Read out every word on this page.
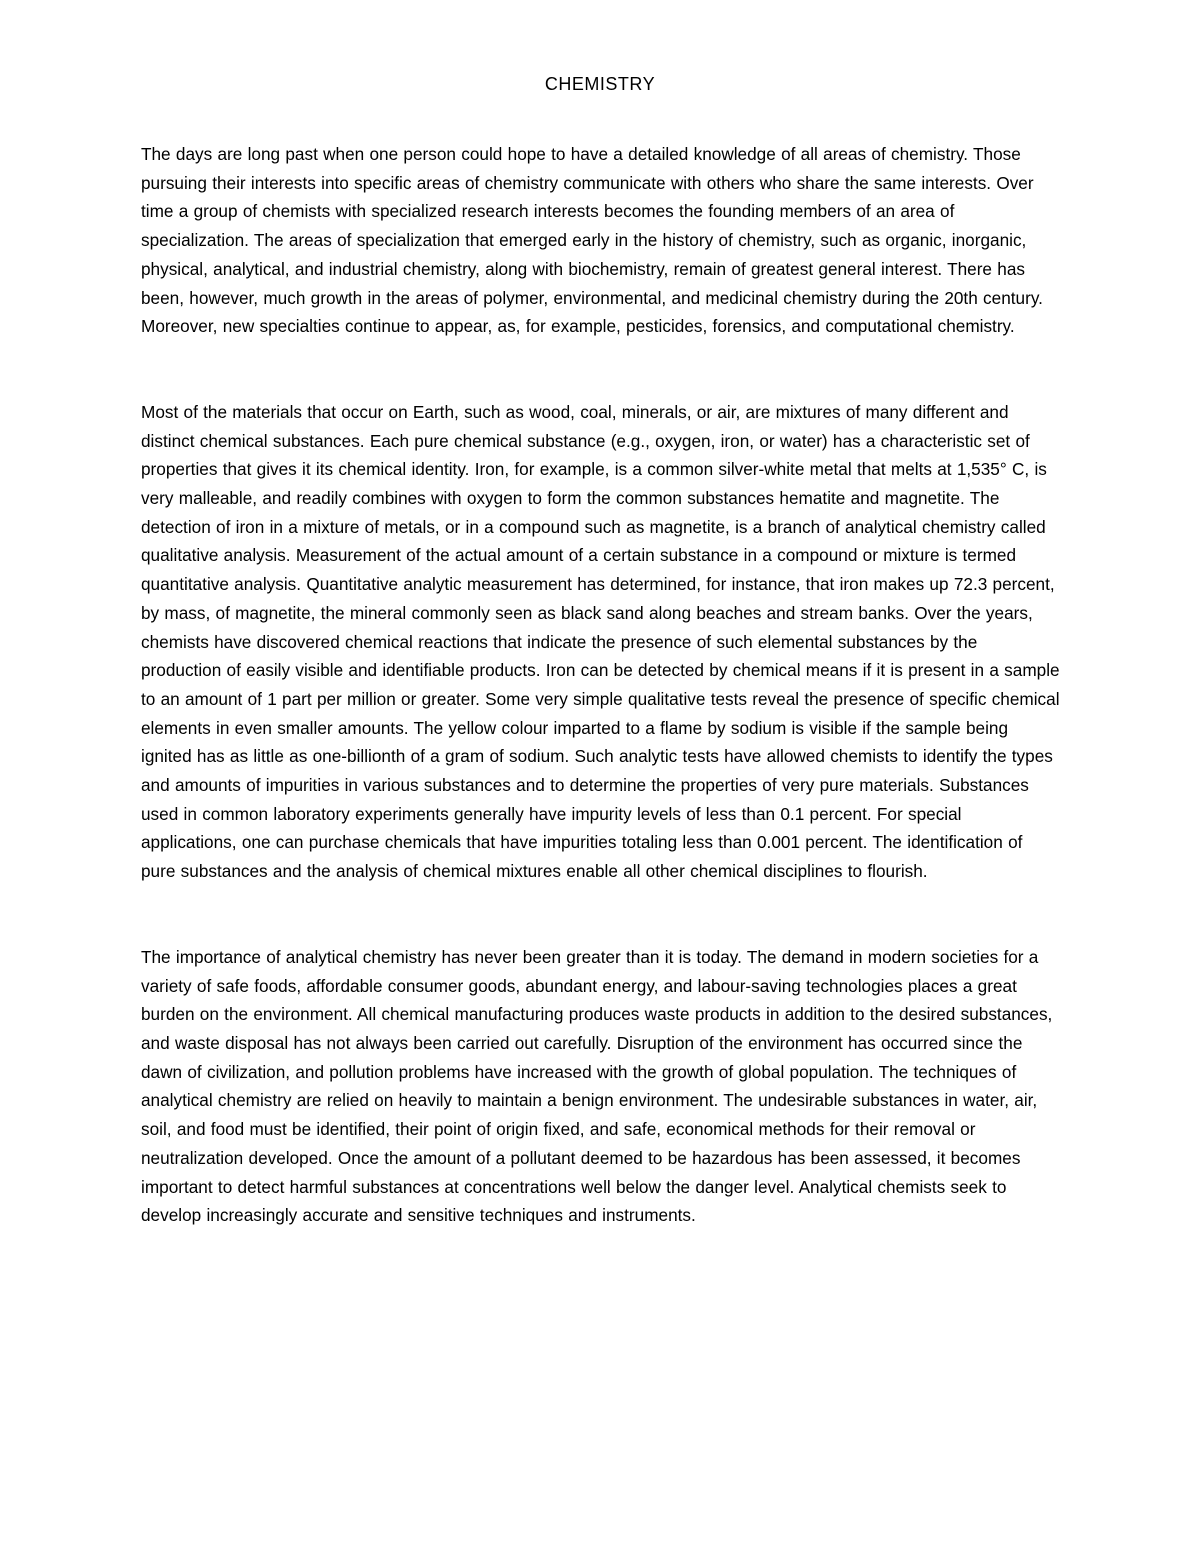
CHEMISTRY

The days are long past when one person could hope to have a detailed knowledge of all areas of chemistry. Those pursuing their interests into specific areas of chemistry communicate with others who share the same interests. Over time a group of chemists with specialized research interests becomes the founding members of an area of specialization. The areas of specialization that emerged early in the history of chemistry, such as organic, inorganic, physical, analytical, and industrial chemistry, along with biochemistry, remain of greatest general interest. There has been, however, much growth in the areas of polymer, environmental, and medicinal chemistry during the 20th century. Moreover, new specialties continue to appear, as, for example, pesticides, forensics, and computational chemistry.

Most of the materials that occur on Earth, such as wood, coal, minerals, or air, are mixtures of many different and distinct chemical substances. Each pure chemical substance (e.g., oxygen, iron, or water) has a characteristic set of properties that gives it its chemical identity. Iron, for example, is a common silver-white metal that melts at 1,535° C, is very malleable, and readily combines with oxygen to form the common substances hematite and magnetite. The detection of iron in a mixture of metals, or in a compound such as magnetite, is a branch of analytical chemistry called qualitative analysis. Measurement of the actual amount of a certain substance in a compound or mixture is termed quantitative analysis. Quantitative analytic measurement has determined, for instance, that iron makes up 72.3 percent, by mass, of magnetite, the mineral commonly seen as black sand along beaches and stream banks. Over the years, chemists have discovered chemical reactions that indicate the presence of such elemental substances by the production of easily visible and identifiable products. Iron can be detected by chemical means if it is present in a sample to an amount of 1 part per million or greater. Some very simple qualitative tests reveal the presence of specific chemical elements in even smaller amounts. The yellow colour imparted to a flame by sodium is visible if the sample being ignited has as little as one-billionth of a gram of sodium. Such analytic tests have allowed chemists to identify the types and amounts of impurities in various substances and to determine the properties of very pure materials. Substances used in common laboratory experiments generally have impurity levels of less than 0.1 percent. For special applications, one can purchase chemicals that have impurities totaling less than 0.001 percent. The identification of pure substances and the analysis of chemical mixtures enable all other chemical disciplines to flourish.

The importance of analytical chemistry has never been greater than it is today. The demand in modern societies for a variety of safe foods, affordable consumer goods, abundant energy, and labour-saving technologies places a great burden on the environment. All chemical manufacturing produces waste products in addition to the desired substances, and waste disposal has not always been carried out carefully. Disruption of the environment has occurred since the dawn of civilization, and pollution problems have increased with the growth of global population. The techniques of analytical chemistry are relied on heavily to maintain a benign environment. The undesirable substances in water, air, soil, and food must be identified, their point of origin fixed, and safe, economical methods for their removal or neutralization developed. Once the amount of a pollutant deemed to be hazardous has been assessed, it becomes important to detect harmful substances at concentrations well below the danger level. Analytical chemists seek to develop increasingly accurate and sensitive techniques and instruments.
